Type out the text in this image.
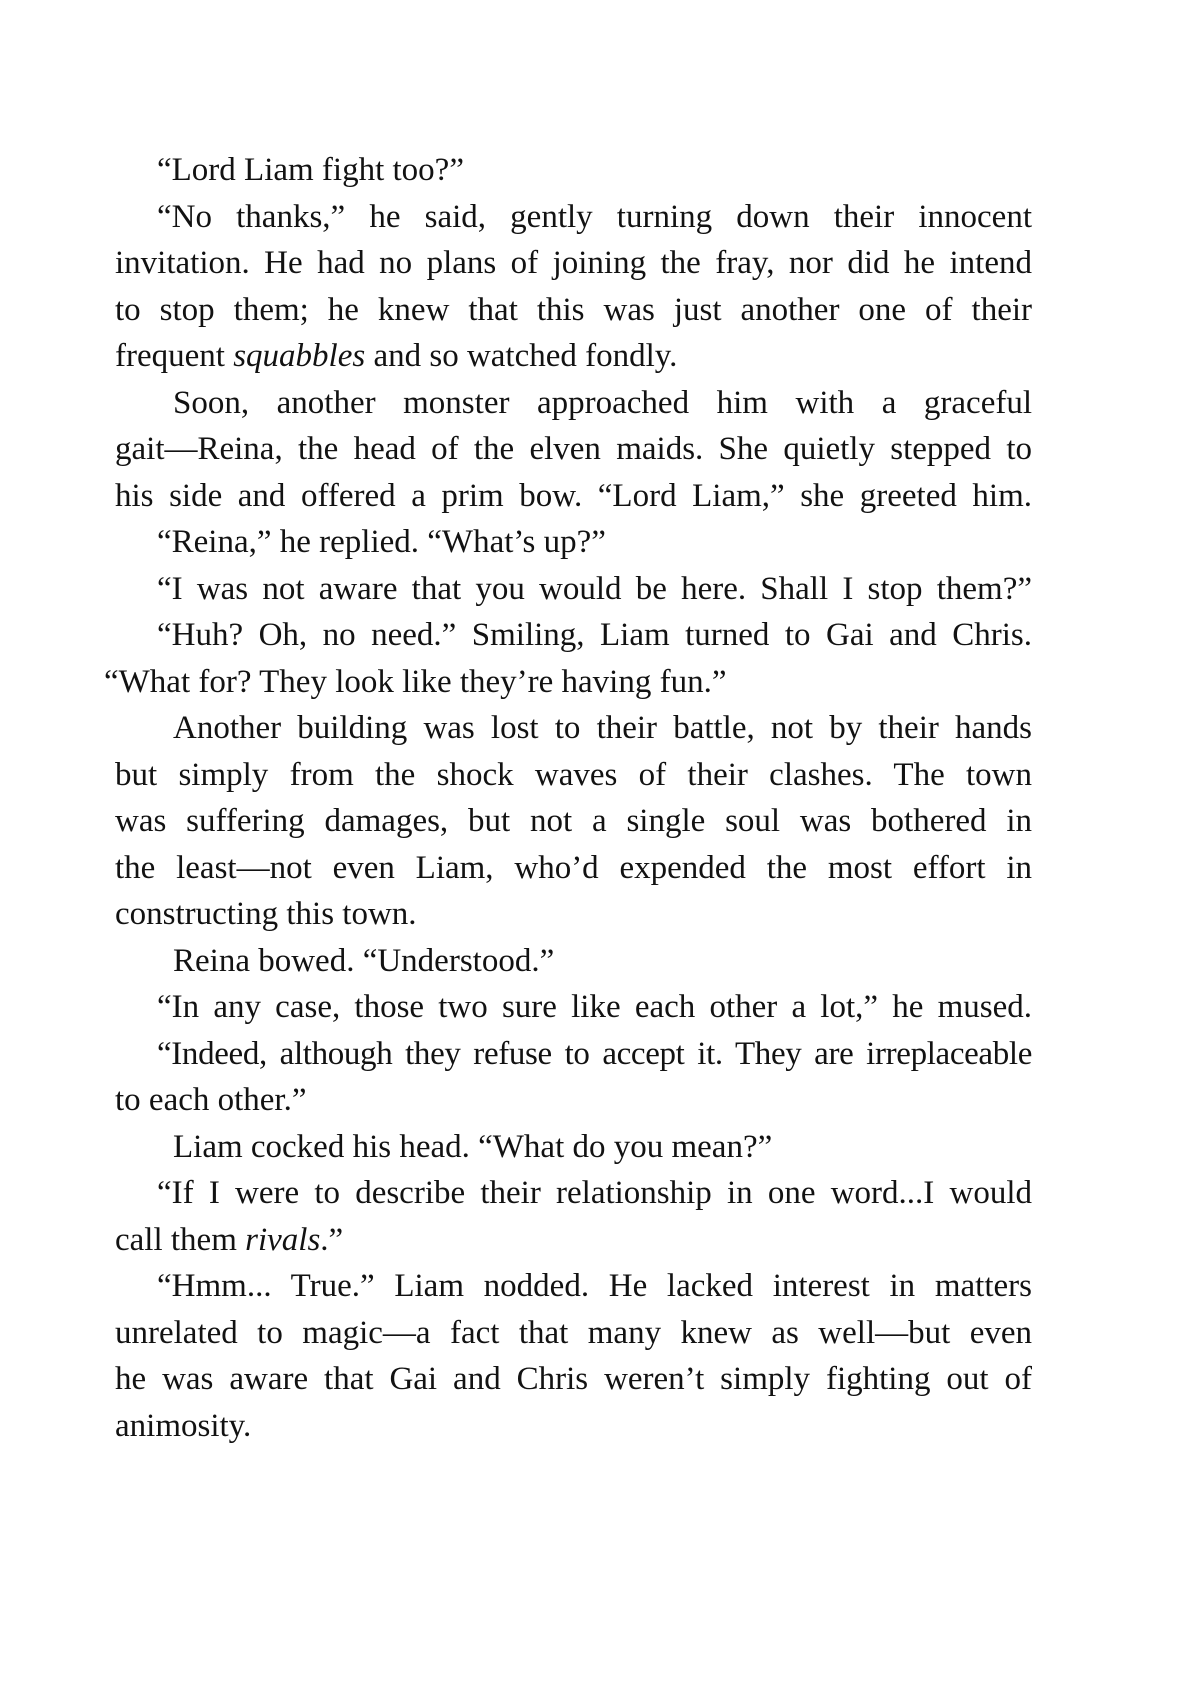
“Lord Liam fight too?”
“No thanks,” he said, gently turning down their innocent
invitation. He had no plans of joining the fray, nor did he intend
to stop them; he knew that this was just another one of their
frequent squabbles and so watched fondly.
Soon, another monster approached him with a graceful
gait—Reina, the head of the elven maids. She quietly stepped to
his side and offered a prim bow. “Lord Liam,” she greeted him.
“Reina,” he replied. “What’s up?”
“I was not aware that you would be here. Shall I stop them?”
“Huh? Oh, no need.” Smiling, Liam turned to Gai and Chris.
“What for? They look like they’re having fun.”
Another building was lost to their battle, not by their hands
but simply from the shock waves of their clashes. The town
was suffering damages, but not a single soul was bothered in
the least—not even Liam, who’d expended the most effort in
constructing this town.
Reina bowed. “Understood.”
“In any case, those two sure like each other a lot,” he mused.
“Indeed, although they refuse to accept it. They are irreplaceable
to each other.”
Liam cocked his head. “What do you mean?”
“If I were to describe their relationship in one word...I would
call them rivals.”
“Hmm... True.” Liam nodded. He lacked interest in matters
unrelated to magic—a fact that many knew as well—but even
he was aware that Gai and Chris weren’t simply fighting out of
animosity.
